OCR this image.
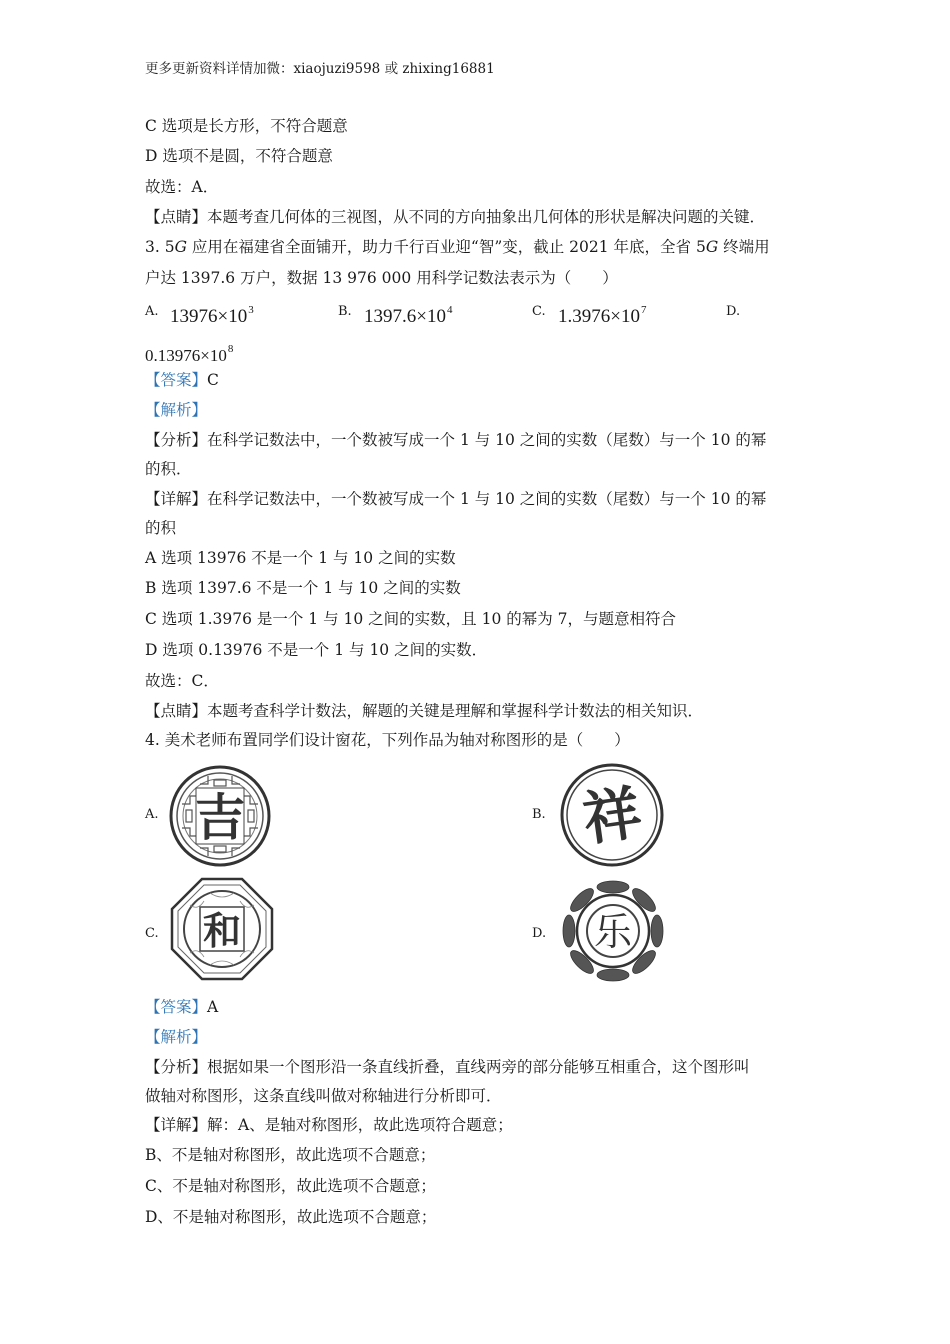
更多更新资料详情加微：xiaojuzi9598 或 zhixing16881
C 选项是长方形，不符合题意
D 选项不是圆，不符合题意
故选：A．
【点睛】本题考查几何体的三视图，从不同的方向抽象出几何体的形状是解决问题的关键．
3. 5G 应用在福建省全面铺开，助力千行百业迎“智”变，截止 2021 年底，全省 5G 终端用
户达 1397.6 万户，数据 13 976 000 用科学记数法表示为（　　）
A. $13976\times 10^3$	B. $1397.6\times 10^4$	C. $1.3976\times 10^7$	D.
$0.13976\times 10^8$
【答案】C
【解析】
【分析】在科学记数法中，一个数被写成一个 1 与 10 之间的实数（尾数）与一个 10 的幂
的积．
【详解】在科学记数法中，一个数被写成一个 1 与 10 之间的实数（尾数）与一个 10 的幂
的积
A 选项 13976 不是一个 1 与 10 之间的实数
B 选项 1397.6 不是一个 1 与 10 之间的实数
C 选项 1.3976 是一个 1 与 10 之间的实数，且 10 的幂为 7，与题意相符合
D 选项 0.13976 不是一个 1 与 10 之间的实数．
故选：C．
【点睛】本题考查科学计数法，解题的关键是理解和掌握科学计数法的相关知识．
4. 美术老师布置同学们设计窗花，下列作品为轴对称图形的是（　　）
A. 吉	B. 祥
C. 和	D. 乐
【答案】A
【解析】
【分析】根据如果一个图形沿一条直线折叠，直线两旁的部分能够互相重合，这个图形叫
做轴对称图形，这条直线叫做对称轴进行分析即可．
【详解】解：A、是轴对称图形，故此选项符合题意；
B、不是轴对称图形，故此选项不合题意；
C、不是轴对称图形，故此选项不合题意；
D、不是轴对称图形，故此选项不合题意；
